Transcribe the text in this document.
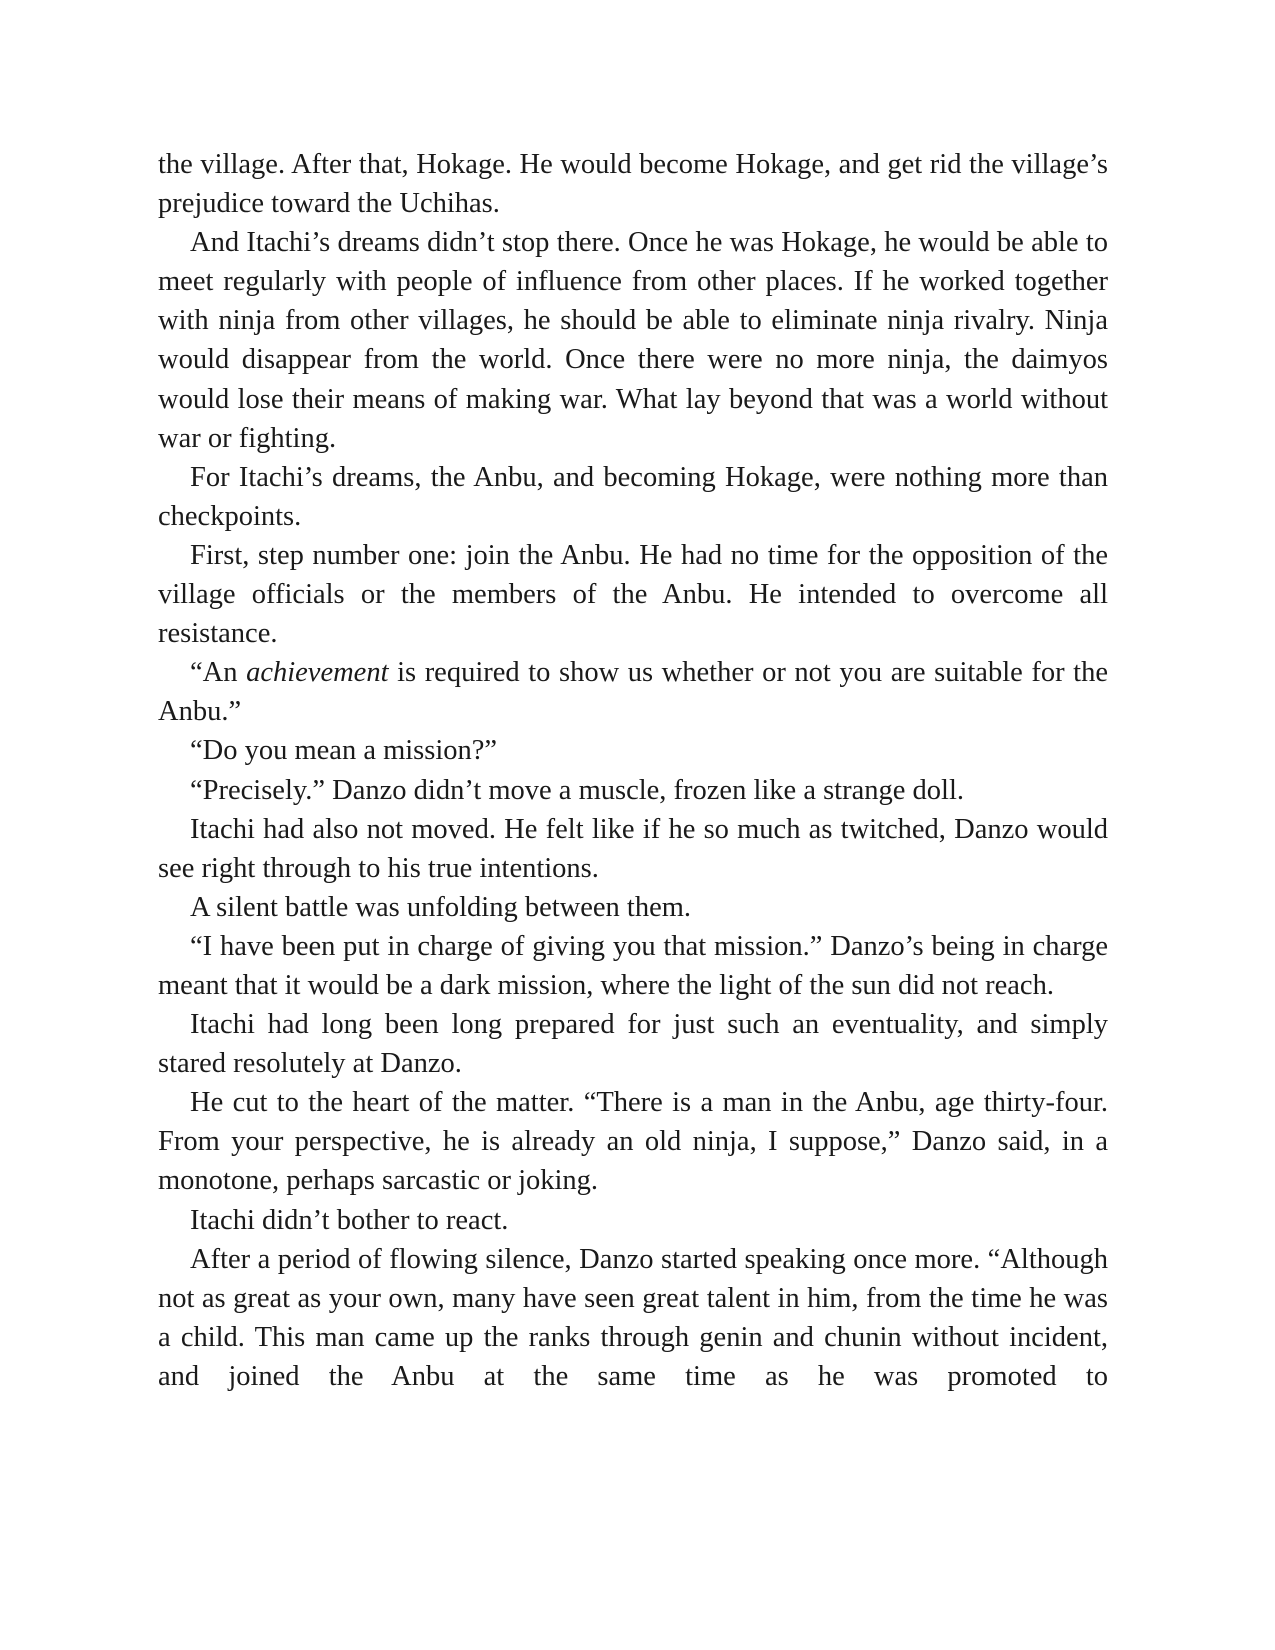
the village. After that, Hokage. He would become Hokage, and get rid the village’s prejudice toward the Uchihas.

And Itachi’s dreams didn’t stop there. Once he was Hokage, he would be able to meet regularly with people of influence from other places. If he worked together with ninja from other villages, he should be able to eliminate ninja rivalry. Ninja would disappear from the world. Once there were no more ninja, the daimyos would lose their means of making war. What lay beyond that was a world without war or fighting.

For Itachi’s dreams, the Anbu, and becoming Hokage, were nothing more than checkpoints.

First, step number one: join the Anbu. He had no time for the opposition of the village officials or the members of the Anbu. He intended to overcome all resistance.

“An achievement is required to show us whether or not you are suitable for the Anbu.”

“Do you mean a mission?”

“Precisely.” Danzo didn’t move a muscle, frozen like a strange doll.

Itachi had also not moved. He felt like if he so much as twitched, Danzo would see right through to his true intentions.

A silent battle was unfolding between them.

“I have been put in charge of giving you that mission.” Danzo’s being in charge meant that it would be a dark mission, where the light of the sun did not reach.

Itachi had long been long prepared for just such an eventuality, and simply stared resolutely at Danzo.

He cut to the heart of the matter. “There is a man in the Anbu, age thirty-four. From your perspective, he is already an old ninja, I suppose,” Danzo said, in a monotone, perhaps sarcastic or joking.

Itachi didn’t bother to react.

After a period of flowing silence, Danzo started speaking once more. “Although not as great as your own, many have seen great talent in him, from the time he was a child. This man came up the ranks through genin and chunin without incident, and joined the Anbu at the same time as he was promoted to
